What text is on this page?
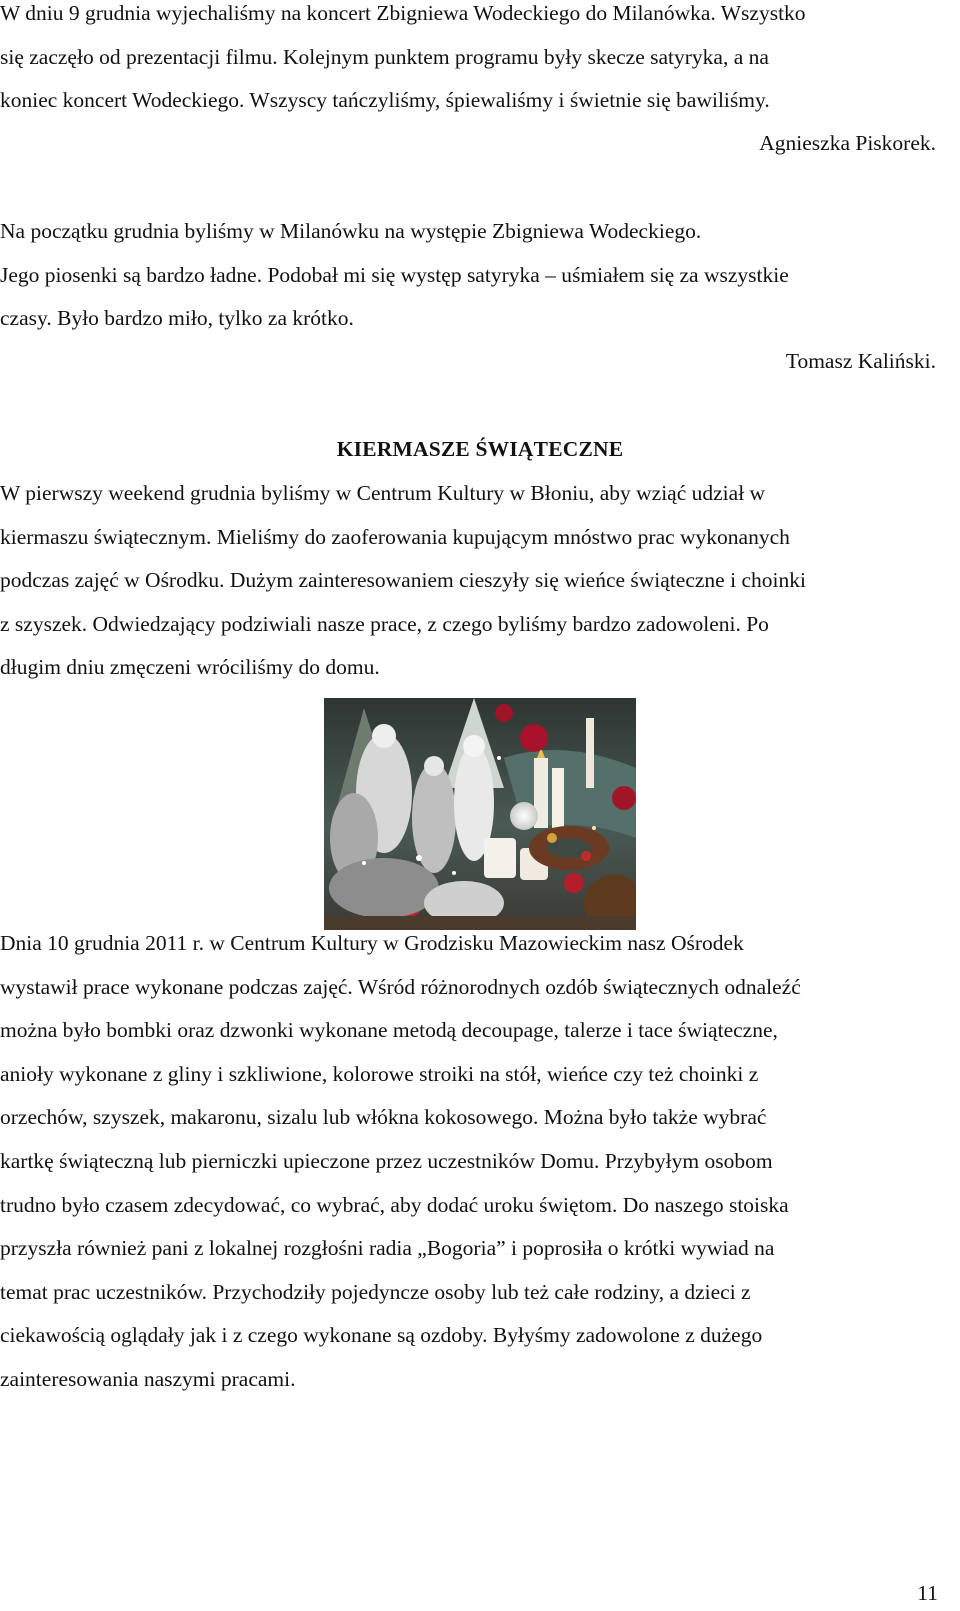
W dniu 9 grudnia wyjechaliśmy na koncert Zbigniewa Wodeckiego do Milanówka. Wszystko
się zaczęło od prezentacji filmu. Kolejnym punktem programu były skecze satyryka, a na
koniec koncert Wodeckiego. Wszyscy tańczyliśmy, śpiewaliśmy i świetnie się bawiliśmy.

Agnieszka Piskorek.

Na początku grudnia byliśmy w Milanówku na występie Zbigniewa Wodeckiego.
Jego piosenki są bardzo ładne. Podobał mi się występ satyryka – uśmiałem się za wszystkie
czasy. Było bardzo miło, tylko za krótko.

Tomasz Kaliński.

KIERMASZE ŚWIĄTECZNE

W pierwszy weekend grudnia byliśmy w Centrum Kultury w Błoniu, aby wziąć udział w
kiermaszu świątecznym. Mieliśmy do zaoferowania kupującym mnóstwo prac wykonanych
podczas zajęć w Ośrodku. Dużym zainteresowaniem cieszyły się wieńce świąteczne i choinki
z szyszek. Odwiedzający podziwiali nasze prace, z czego byliśmy bardzo zadowoleni. Po
długim dniu zmęczeni wróciliśmy do domu.

Dnia 10 grudnia 2011 r. w Centrum Kultury w Grodzisku Mazowieckim nasz Ośrodek
wystawił prace wykonane podczas zajęć. Wśród różnorodnych ozdób świątecznych odnaleźć
można było bombki oraz dzwonki wykonane metodą decoupage, talerze i tace świąteczne,
anioły wykonane z gliny i szkliwione, kolorowe stroiki na stół, wieńce czy też choinki z
orzechów, szyszek, makaronu, sizalu lub włókna kokosowego. Można było także wybrać
kartkę świąteczną lub pierniczki upieczone przez uczestników Domu. Przybyłym osobom
trudno było czasem zdecydować, co wybrać, aby dodać uroku świętom. Do naszego stoiska
przyszła również pani z lokalnej rozgłośni radia „Bogoria” i poprosiła o krótki wywiad na
temat prac uczestników. Przychodziły pojedyncze osoby lub też całe rodziny, a dzieci z
ciekawością oglądały jak i z czego wykonane są ozdoby. Byłyśmy zadowolone z dużego
zainteresowania naszymi pracami.

11
